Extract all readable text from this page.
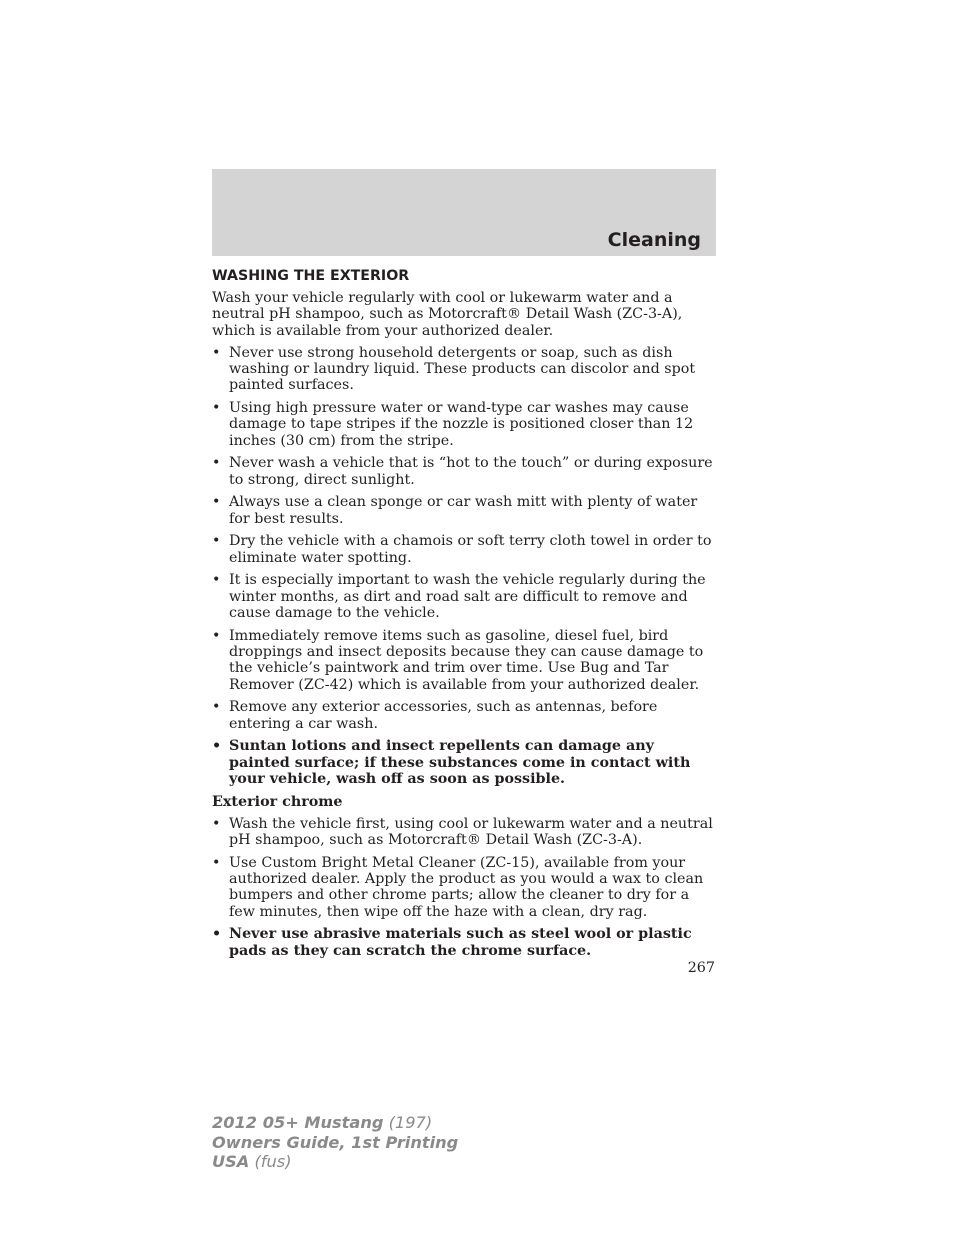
Cleaning
WASHING THE EXTERIOR

Wash your vehicle regularly with cool or lukewarm water and a neutral pH shampoo, such as Motorcraft® Detail Wash (ZC-3-A), which is available from your authorized dealer.

• Never use strong household detergents or soap, such as dish washing or laundry liquid. These products can discolor and spot painted surfaces.
• Using high pressure water or wand-type car washes may cause damage to tape stripes if the nozzle is positioned closer than 12 inches (30 cm) from the stripe.
• Never wash a vehicle that is “hot to the touch” or during exposure to strong, direct sunlight.
• Always use a clean sponge or car wash mitt with plenty of water for best results.
• Dry the vehicle with a chamois or soft terry cloth towel in order to eliminate water spotting.
• It is especially important to wash the vehicle regularly during the winter months, as dirt and road salt are difficult to remove and cause damage to the vehicle.
• Immediately remove items such as gasoline, diesel fuel, bird droppings and insect deposits because they can cause damage to the vehicle’s paintwork and trim over time. Use Bug and Tar Remover (ZC-42) which is available from your authorized dealer.
• Remove any exterior accessories, such as antennas, before entering a car wash.
• Suntan lotions and insect repellents can damage any painted surface; if these substances come in contact with your vehicle, wash off as soon as possible.
Exterior chrome
• Wash the vehicle first, using cool or lukewarm water and a neutral pH shampoo, such as Motorcraft® Detail Wash (ZC-3-A).
• Use Custom Bright Metal Cleaner (ZC-15), available from your authorized dealer. Apply the product as you would a wax to clean bumpers and other chrome parts; allow the cleaner to dry for a few minutes, then wipe off the haze with a clean, dry rag.
• Never use abrasive materials such as steel wool or plastic pads as they can scratch the chrome surface.
267
2012 05+ Mustang (197)
Owners Guide, 1st Printing
USA (fus)
